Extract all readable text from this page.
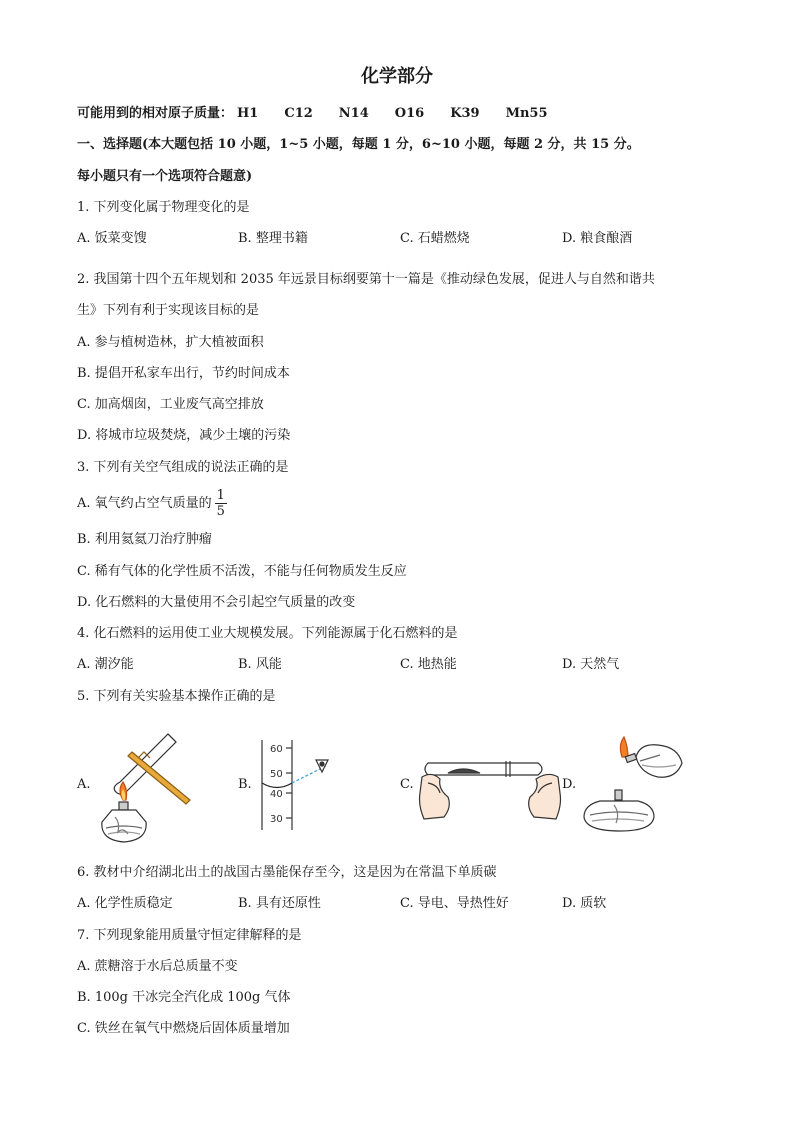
化学部分
可能用到的相对原子质量： H1 C12 N14 O16 K39 Mn55
一、选择题(本大题包括 10 小题，1~5 小题，每题 1 分，6~10 小题，每题 2 分，共 15 分。
每小题只有一个选项符合题意)
1. 下列变化属于物理变化的是
A. 饭菜变馊	B. 整理书籍	C. 石蜡燃烧	D. 粮食酿酒
2. 我国第十四个五年规划和 2035 年远景目标纲要第十一篇是《推动绿色发展，促进人与自然和谐共
生》下列有利于实现该目标的是
A. 参与植树造林，扩大植被面积
B. 提倡开私家车出行，节约时间成本
C. 加高烟囱，工业废气高空排放
D. 将城市垃圾焚烧，减少土壤的污染
3. 下列有关空气组成的说法正确的是
A. 氧气约占空气质量的 $\frac{1}{5}$
B. 利用氦氦刀治疗肿瘤
C. 稀有气体的化学性质不活泼，不能与任何物质发生反应
D. 化石燃料的大量使用不会引起空气质量的改变
4. 化石燃料的运用使工业大规模发展。下列能源属于化石燃料的是
A. 潮汐能	B. 风能	C. 地热能	D. 天然气
5. 下列有关实验基本操作正确的是
A.	B.	C.	D.
60
50
40
30
6. 教材中介绍湖北出土的战国古墨能保存至今，这是因为在常温下单质碳
A. 化学性质稳定	B. 具有还原性	C. 导电、导热性好	D. 质软
7. 下列现象能用质量守恒定律解释的是
A. 蔗糖溶于水后总质量不变
B. 100g 干冰完全汽化成 100g 气体
C. 铁丝在氧气中燃烧后固体质量增加
